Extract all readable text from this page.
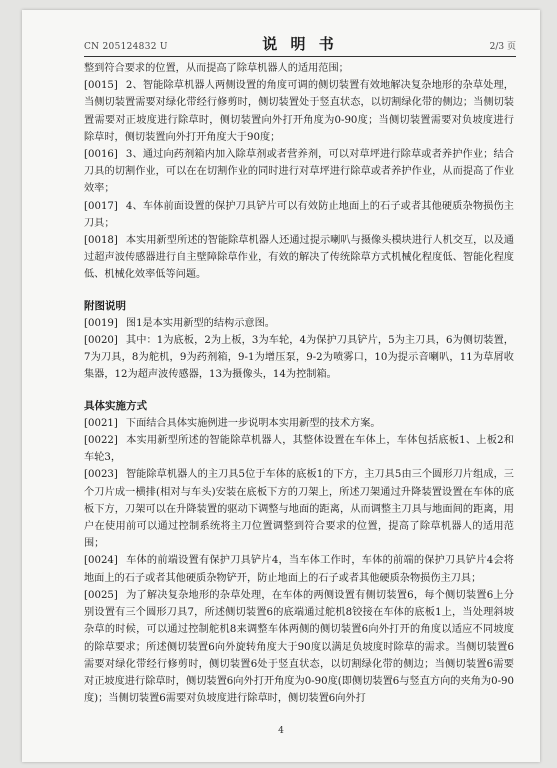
CN 205124832 U	说 明 书	2/3 页

整到符合要求的位置，从而提高了除草机器人的适用范围；

[0015] 2、智能除草机器人两侧设置的角度可调的侧切装置有效地解决复杂地形的杂草处理，当侧切装置需要对绿化带经行修剪时，侧切装置处于竖直状态，以切割绿化带的侧边；当侧切装置需要对正坡度进行除草时，侧切装置向外打开角度为0-90度；当侧切装置需要对负坡度进行除草时，侧切装置向外打开角度大于90度；

[0016] 3、通过向药剂箱内加入除草剂或者营养剂，可以对草坪进行除草或者养护作业；结合刀具的切割作业，可以在在切割作业的同时进行对草坪进行除草或者养护作业，从而提高了作业效率；

[0017] 4、车体前面设置的保护刀具铲片可以有效防止地面上的石子或者其他硬质杂物损伤主刀具；

[0018] 本实用新型所述的智能除草机器人还通过提示喇叭与摄像头模块进行人机交互，以及通过超声波传感器进行自主壁障除草作业，有效的解决了传统除草方式机械化程度低、智能化程度低、机械化效率低等问题。

附图说明

[0019] 图1是本实用新型的结构示意图。

[0020] 其中：1为底板，2为上板，3为车轮，4为保护刀具铲片，5为主刀具，6为侧切装置，7为刀具，8为舵机，9为药剂箱，9-1为增压泵，9-2为喷雾口，10为提示音喇叭，11为草屑收集器，12为超声波传感器，13为摄像头，14为控制箱。

具体实施方式

[0021] 下面结合具体实施例进一步说明本实用新型的技术方案。

[0022] 本实用新型所述的智能除草机器人，其整体设置在车体上，车体包括底板1、上板2和车轮3，

[0023] 智能除草机器人的主刀具5位于车体的底板1的下方，主刀具5由三个圆形刀片组成，三个刀片成一横排(相对与车头)安装在底板下方的刀架上，所述刀架通过升降装置设置在车体的底板下方，刀架可以在升降装置的驱动下调整与地面的距离，从而调整主刀具与地面间的距离，用户在使用前可以通过控制系统将主刀位置调整到符合要求的位置，提高了除草机器人的适用范围；

[0024] 车体的前端设置有保护刀具铲片4，当车体工作时，车体的前端的保护刀具铲片4会将地面上的石子或者其他硬质杂物铲开，防止地面上的石子或者其他硬质杂物损伤主刀具；

[0025] 为了解决复杂地形的杂草处理，在车体的两侧设置有侧切装置6，每个侧切装置6上分别设置有三个圆形刀具7，所述侧切装置6的底端通过舵机8铰接在车体的底板1上，当处理斜坡杂草的时候，可以通过控制舵机8来调整车体两侧的侧切装置6向外打开的角度以适应不同坡度的除草要求；所述侧切装置6向外旋转角度大于90度以满足负坡度时除草的需求。当侧切装置6需要对绿化带经行修剪时，侧切装置6处于竖直状态，以切割绿化带的侧边；当侧切装置6需要对正坡度进行除草时，侧切装置6向外打开角度为0-90度(即侧切装置6与竖直方向的夹角为0-90度)；当侧切装置6需要对负坡度进行除草时，侧切装置6向外打

4
